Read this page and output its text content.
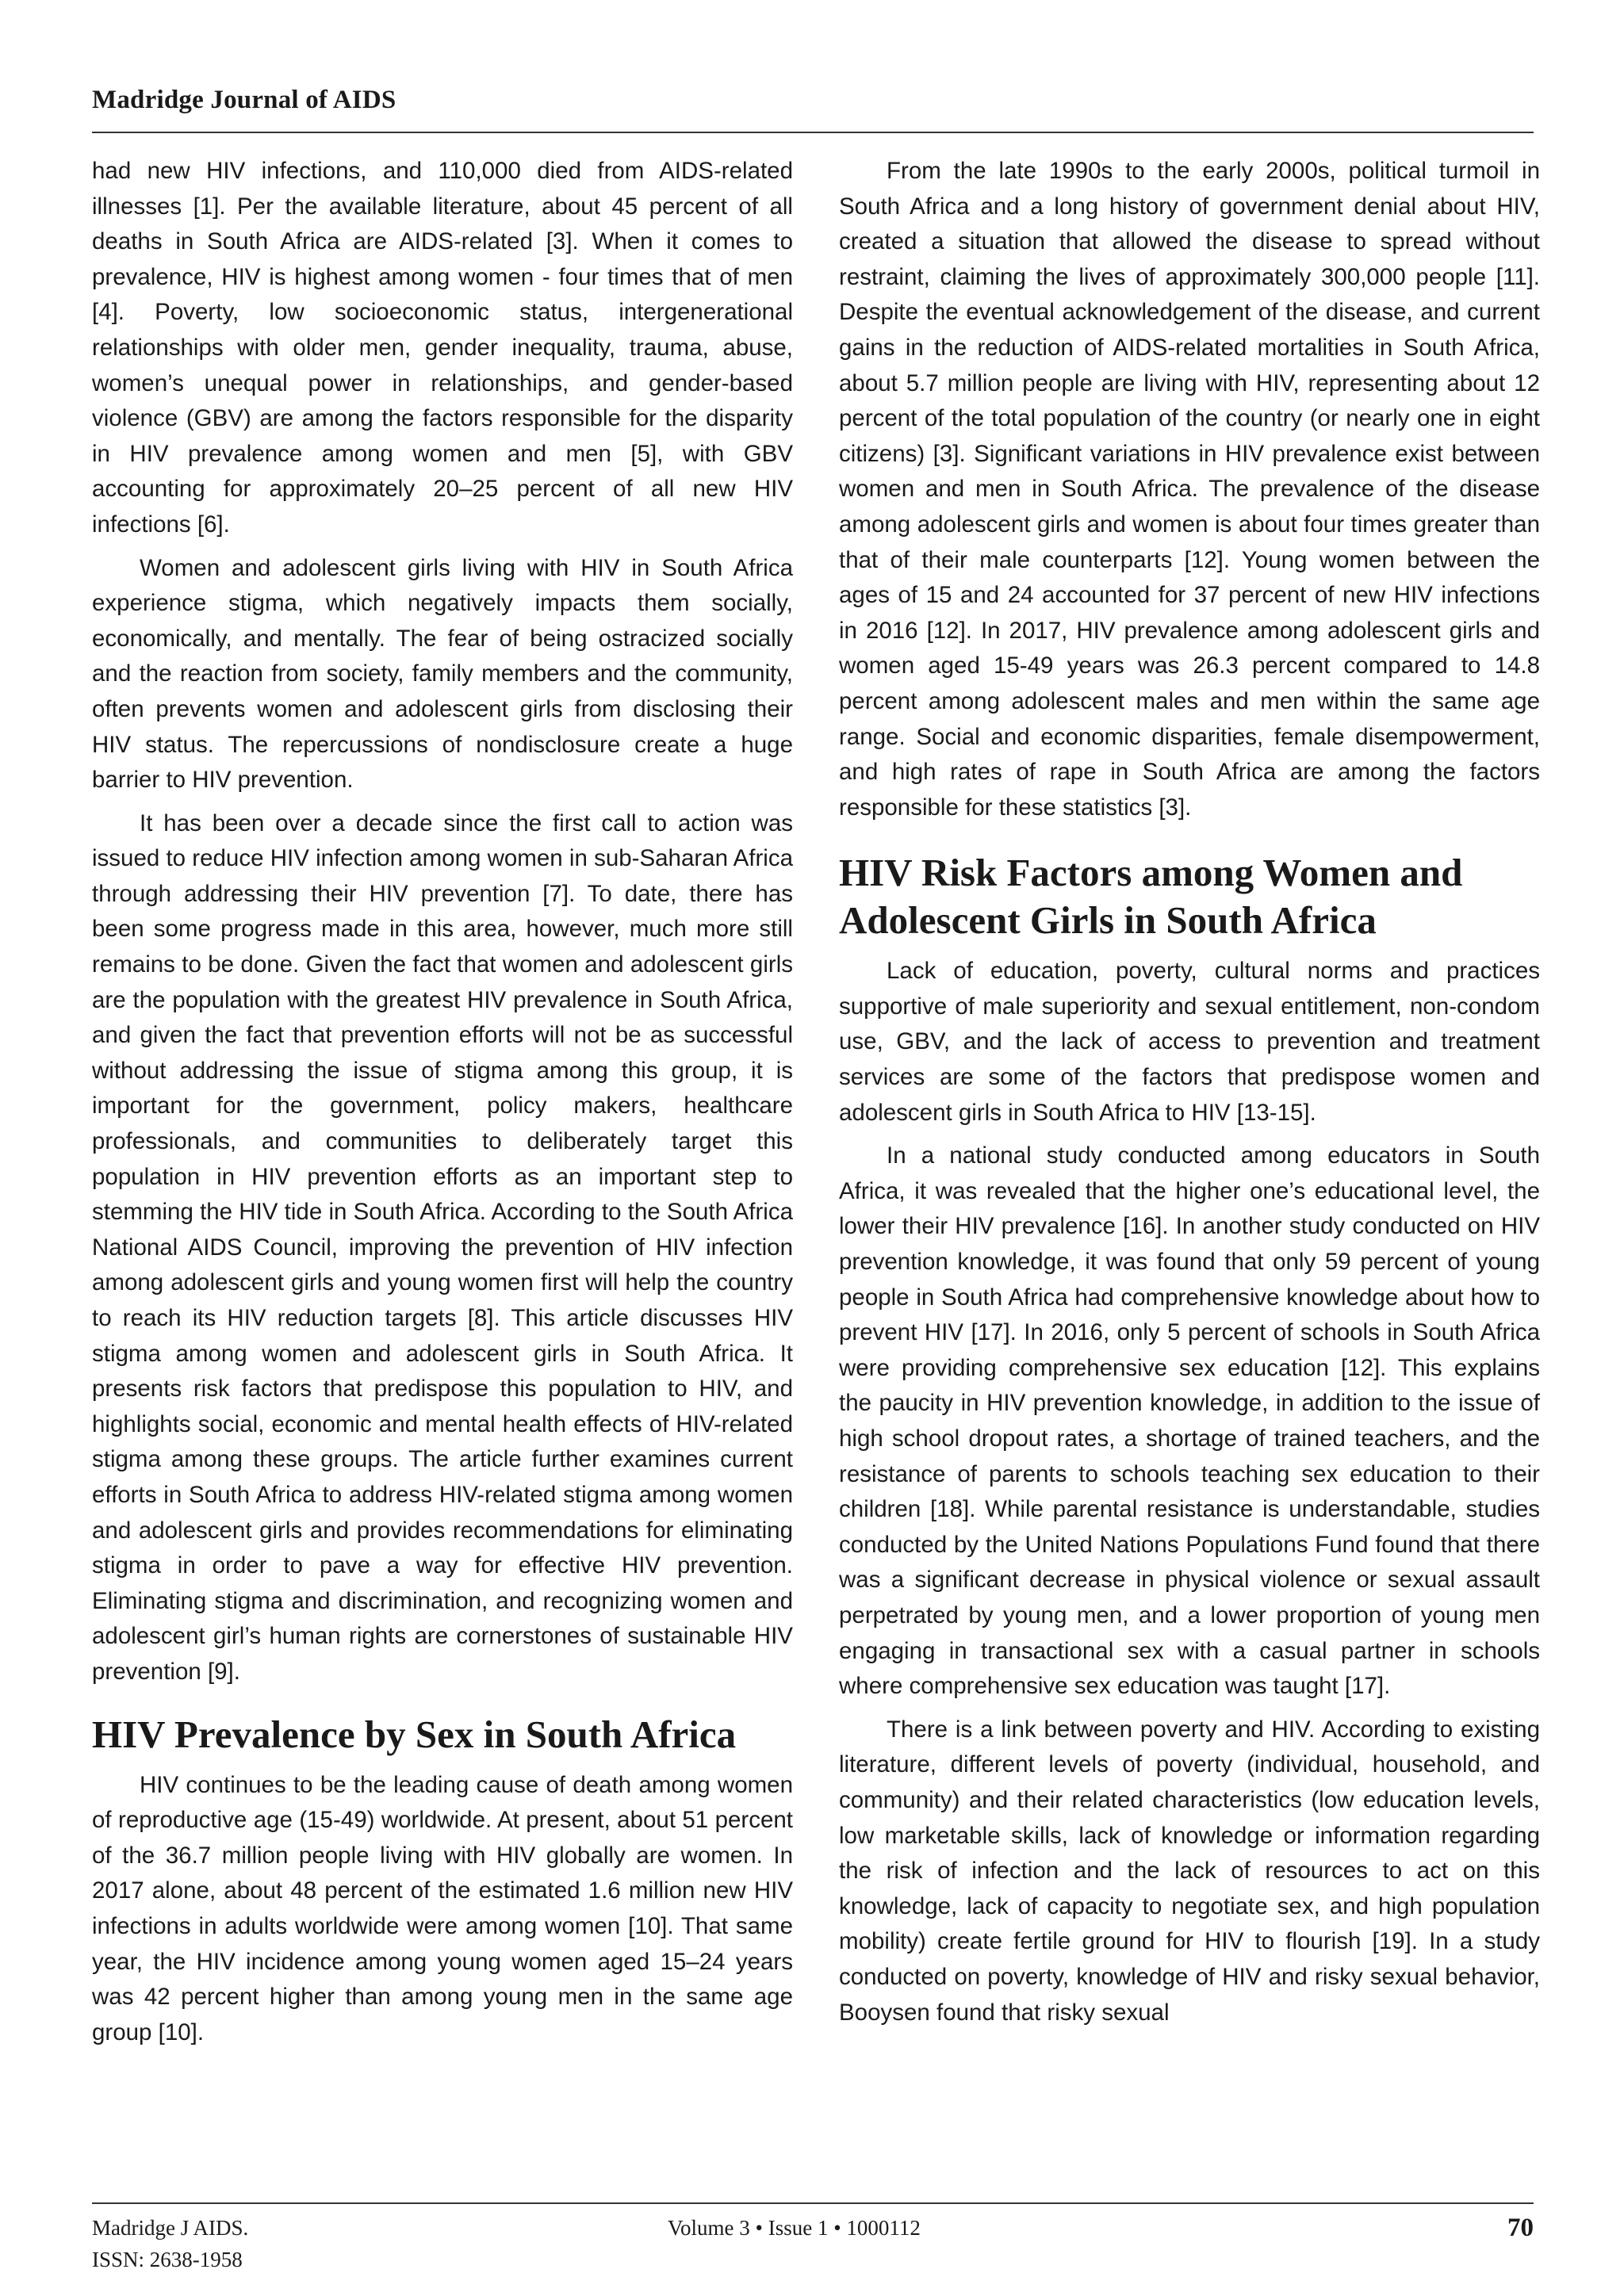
Madridge Journal of AIDS

had new HIV infections, and 110,000 died from AIDS-related illnesses [1]. Per the available literature, about 45 percent of all deaths in South Africa are AIDS-related [3]. When it comes to prevalence, HIV is highest among women - four times that of men [4]. Poverty, low socioeconomic status, intergenerational relationships with older men, gender inequality, trauma, abuse, women’s unequal power in relationships, and gender-based violence (GBV) are among the factors responsible for the disparity in HIV prevalence among women and men [5], with GBV accounting for approximately 20–25 percent of all new HIV infections [6].

Women and adolescent girls living with HIV in South Africa experience stigma, which negatively impacts them socially, economically, and mentally. The fear of being ostracized socially and the reaction from society, family members and the community, often prevents women and adolescent girls from disclosing their HIV status. The repercussions of nondisclosure create a huge barrier to HIV prevention.

It has been over a decade since the first call to action was issued to reduce HIV infection among women in sub-Saharan Africa through addressing their HIV prevention [7]. To date, there has been some progress made in this area, however, much more still remains to be done. Given the fact that women and adolescent girls are the population with the greatest HIV prevalence in South Africa, and given the fact that prevention efforts will not be as successful without addressing the issue of stigma among this group, it is important for the government, policy makers, healthcare professionals, and communities to deliberately target this population in HIV prevention efforts as an important step to stemming the HIV tide in South Africa. According to the South Africa National AIDS Council, improving the prevention of HIV infection among adolescent girls and young women first will help the country to reach its HIV reduction targets [8]. This article discusses HIV stigma among women and adolescent girls in South Africa. It presents risk factors that predispose this population to HIV, and highlights social, economic and mental health effects of HIV-related stigma among these groups. The article further examines current efforts in South Africa to address HIV-related stigma among women and adolescent girls and provides recommendations for eliminating stigma in order to pave a way for effective HIV prevention. Eliminating stigma and discrimination, and recognizing women and adolescent girl’s human rights are cornerstones of sustainable HIV prevention [9].

HIV Prevalence by Sex in South Africa

HIV continues to be the leading cause of death among women of reproductive age (15-49) worldwide. At present, about 51 percent of the 36.7 million people living with HIV globally are women. In 2017 alone, about 48 percent of the estimated 1.6 million new HIV infections in adults worldwide were among women [10]. That same year, the HIV incidence among young women aged 15–24 years was 42 percent higher than among young men in the same age group [10].

From the late 1990s to the early 2000s, political turmoil in South Africa and a long history of government denial about HIV, created a situation that allowed the disease to spread without restraint, claiming the lives of approximately 300,000 people [11]. Despite the eventual acknowledgement of the disease, and current gains in the reduction of AIDS-related mortalities in South Africa, about 5.7 million people are living with HIV, representing about 12 percent of the total population of the country (or nearly one in eight citizens) [3]. Significant variations in HIV prevalence exist between women and men in South Africa. The prevalence of the disease among adolescent girls and women is about four times greater than that of their male counterparts [12]. Young women between the ages of 15 and 24 accounted for 37 percent of new HIV infections in 2016 [12]. In 2017, HIV prevalence among adolescent girls and women aged 15-49 years was 26.3 percent compared to 14.8 percent among adolescent males and men within the same age range. Social and economic disparities, female disempowerment, and high rates of rape in South Africa are among the factors responsible for these statistics [3].

HIV Risk Factors among Women and Adolescent Girls in South Africa

Lack of education, poverty, cultural norms and practices supportive of male superiority and sexual entitlement, non-condom use, GBV, and the lack of access to prevention and treatment services are some of the factors that predispose women and adolescent girls in South Africa to HIV [13-15].

In a national study conducted among educators in South Africa, it was revealed that the higher one’s educational level, the lower their HIV prevalence [16]. In another study conducted on HIV prevention knowledge, it was found that only 59 percent of young people in South Africa had comprehensive knowledge about how to prevent HIV [17]. In 2016, only 5 percent of schools in South Africa were providing comprehensive sex education [12]. This explains the paucity in HIV prevention knowledge, in addition to the issue of high school dropout rates, a shortage of trained teachers, and the resistance of parents to schools teaching sex education to their children [18]. While parental resistance is understandable, studies conducted by the United Nations Populations Fund found that there was a significant decrease in physical violence or sexual assault perpetrated by young men, and a lower proportion of young men engaging in transactional sex with a casual partner in schools where comprehensive sex education was taught [17].

There is a link between poverty and HIV. According to existing literature, different levels of poverty (individual, household, and community) and their related characteristics (low education levels, low marketable skills, lack of knowledge or information regarding the risk of infection and the lack of resources to act on this knowledge, lack of capacity to negotiate sex, and high population mobility) create fertile ground for HIV to flourish [19]. In a study conducted on poverty, knowledge of HIV and risky sexual behavior, Booysen found that risky sexual

Madridge J AIDS.
ISSN: 2638-1958
Volume 3 • Issue 1 • 1000112	70
